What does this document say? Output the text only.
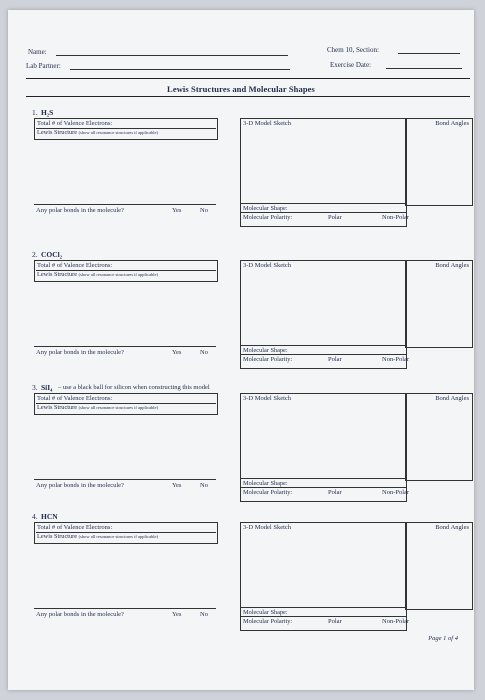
Name:
Lab Partner:
Chem 10, Section:
Exercise Date:
Lewis Structures and Molecular Shapes
1. H₂S
Total # of Valence Electrons:
Lewis Structure (show all resonance structures if applicable)
3-D Model Sketch
Molecular Shape:
Molecular Polarity:
Bond Angles
Any polar bonds in the molecule?	Yes	No
Polar	Non-Polar
2. COCl₂
Total # of Valence Electrons:
Lewis Structure (show all resonance structures if applicable)
3-D Model Sketch
Molecular Shape:
Molecular Polarity:
Bond Angles
Any polar bonds in the molecule?	Yes	No
Polar	Non-Polar
3. SiI₄ – use a black ball for silicon when constructing this model
Total # of Valence Electrons:
Lewis Structure (show all resonance structures if applicable)
3-D Model Sketch
Molecular Shape:
Molecular Polarity:
Bond Angles
Any polar bonds in the molecule?	Yes	No
Polar	Non-Polar
4. HCN
Total # of Valence Electrons:
Lewis Structure (show all resonance structures if applicable)
3-D Model Sketch
Molecular Shape:
Molecular Polarity:
Bond Angles
Any polar bonds in the molecule?	Yes	No
Polar	Non-Polar
Page 1 of 4
